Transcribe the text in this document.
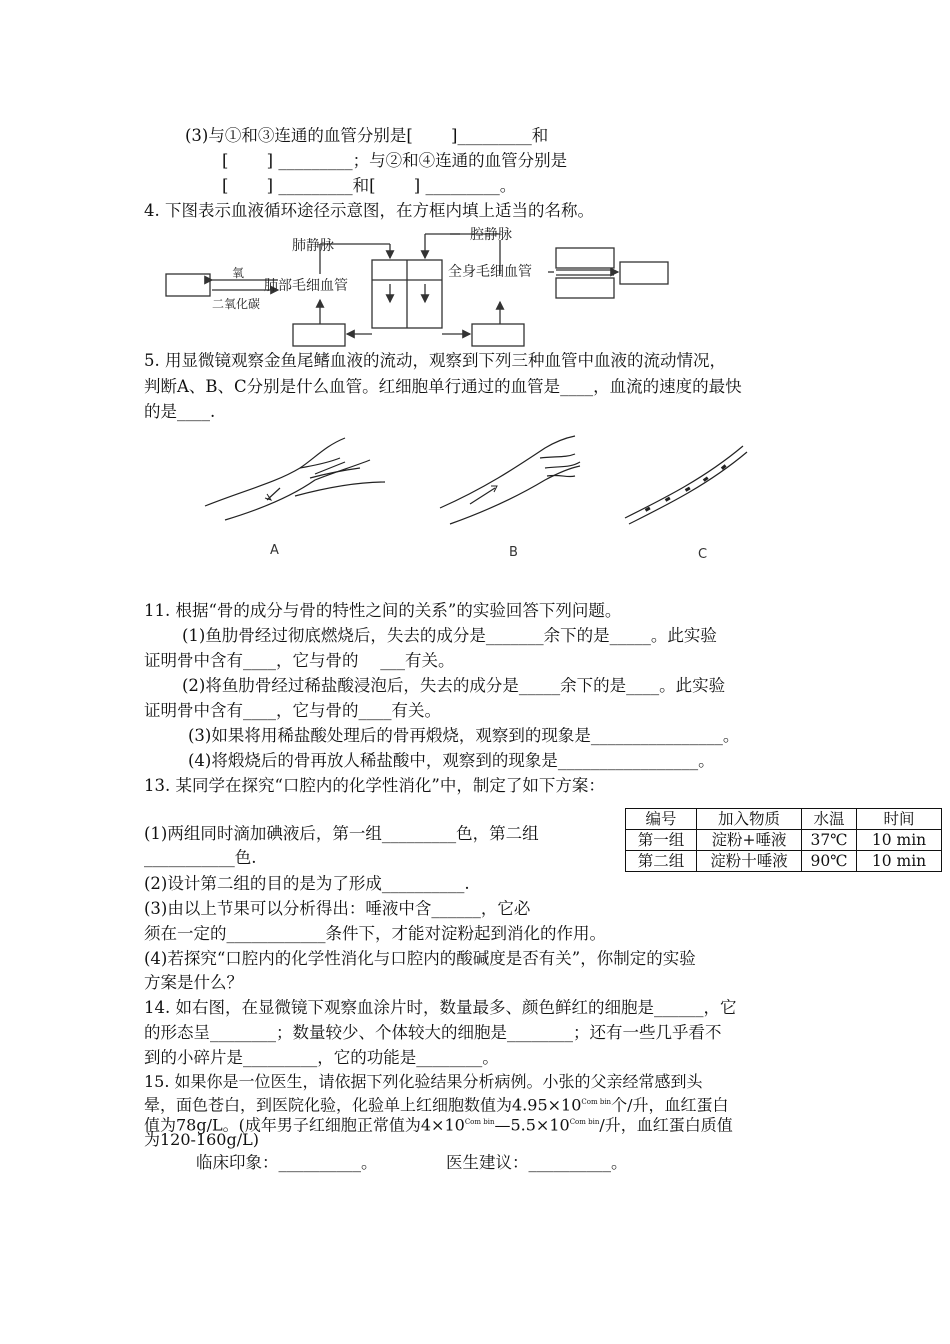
(3)与①和③连通的血管分别是[　　 ]_________和
[　　 ] _________；与②和④连通的血管分别是
[　　 ] _________和[　　 ] _________。
4. 下图表示血液循环途径示意图，在方框内填上适当的名称。
肺静脉
腔静脉
肺部毛细血管
全身毛细血管
氧
二氧化碳
5. 用显微镜观察金鱼尾鳍血液的流动，观察到下列三种血管中血液的流动情况，
判断A、B、C分别是什么血管。红细胞单行通过的血管是____，血流的速度的最快
的是____.
A	B	C
11. 根据“骨的成分与骨的特性之间的关系”的实验回答下列问题。
(1)鱼肋骨经过彻底燃烧后，失去的成分是_______余下的是_____。此实验
证明骨中含有____，它与骨的　 ___有关。
(2)将鱼肋骨经过稀盐酸浸泡后，失去的成分是_____余下的是____。此实验
证明骨中含有____，它与骨的____有关。
(3)如果将用稀盐酸处理后的骨再煅烧，观察到的现象是________________。
(4)将煅烧后的骨再放人稀盐酸中，观察到的现象是_________________。
13. 某同学在探究“口腔内的化学性消化”中，制定了如下方案：
(1)两组同时滴加碘液后，第一组_________色，第二组
___________色.
(2)设计第二组的目的是为了形成__________.
(3)由以上节果可以分析得出：唾液中含______，它必
须在一定的____________条件下，才能对淀粉起到消化的作用。
(4)若探究“口腔内的化学性消化与口腔内的酸碱度是否有关”，你制定的实验
方案是什么？
编号	加入物质	水温	时间
第一组	淀粉+唾液	37℃	10 min
第二组	淀粉十唾液	90℃	10 min
14. 如右图，在显微镜下观察血涂片时，数量最多、颜色鲜红的细胞是______，它
的形态呈________；数量较少、个体较大的细胞是________；还有一些几乎看不
到的小碎片是_________，它的功能是________。
15. 如果你是一位医生，请依据下列化验结果分析病例。小张的父亲经常感到头
晕，面色苍白，到医院化验，化验单上红细胞数值为$4.95\times 10^{Com bin}$个/升，血红蛋白
值为78g/L。(成年男子红细胞正常值为$4\times 10^{Com bin}—5.5\times 10^{Com bin}/$升，血红蛋白质值
为120-160g/L)
临床印象：__________。	医生建议：__________。
